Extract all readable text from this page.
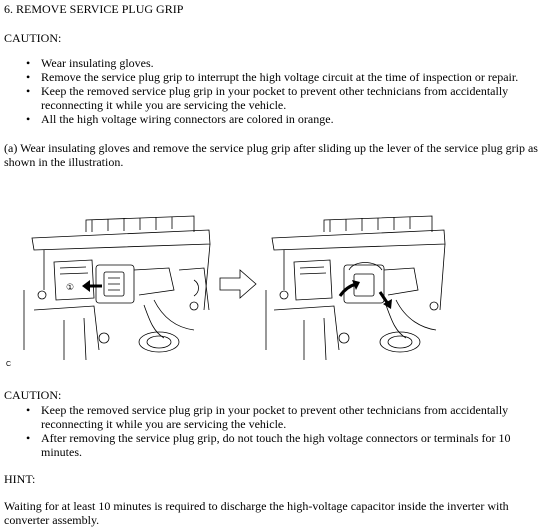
6. REMOVE SERVICE PLUG GRIP
CAUTION:
• Wear insulating gloves.
• Remove the service plug grip to interrupt the high voltage circuit at the time of inspection or repair.
• Keep the removed service plug grip in your pocket to prevent other technicians from accidentally reconnecting it while you are servicing the vehicle.
• All the high voltage wiring connectors are colored in orange.
(a) Wear insulating gloves and remove the service plug grip after sliding up the lever of the service plug grip as shown in the illustration.
①
C
CAUTION:
• Keep the removed service plug grip in your pocket to prevent other technicians from accidentally reconnecting it while you are servicing the vehicle.
• After removing the service plug grip, do not touch the high voltage connectors or terminals for 10 minutes.
HINT:
Waiting for at least 10 minutes is required to discharge the high-voltage capacitor inside the inverter with converter assembly.
